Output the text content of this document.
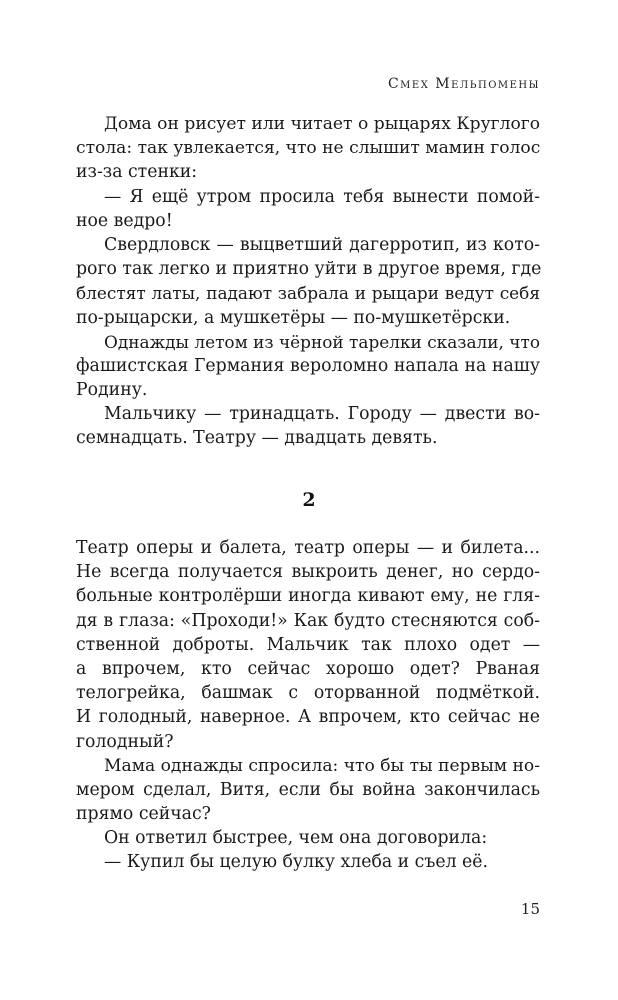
Смех Мельпомены
Дома он рисует или читает о рыцарях Круглого
стола: так увлекается, что не слышит мамин голос
из-за стенки:
— Я ещё утром просила тебя вынести помой-
ное ведро!
Свердловск — выцветший дагерротип, из кото-
рого так легко и приятно уйти в другое время, где
блестят латы, падают забрала и рыцари ведут себя
по-рыцарски, а мушкетёры — по-мушкетёрски.
Однажды летом из чёрной тарелки сказали, что
фашистская Германия вероломно напала на нашу
Родину.
Мальчику — тринадцать. Городу — двести во-
семнадцать. Театру — двадцать девять.
2
Театр оперы и балета, театр оперы — и билета...
Не всегда получается выкроить денег, но сердо-
больные контролёрши иногда кивают ему, не гля-
дя в глаза: «Проходи!» Как будто стесняются соб-
ственной доброты. Мальчик так плохо одет —
а впрочем, кто сейчас хорошо одет? Рваная
телогрейка, башмак с оторванной подмёткой.
И голодный, наверное. А впрочем, кто сейчас не
голодный?
Мама однажды спросила: что бы ты первым но-
мером сделал, Витя, если бы война закончилась
прямо сейчас?
Он ответил быстрее, чем она договорила:
— Купил бы целую булку хлеба и съел её.
15
